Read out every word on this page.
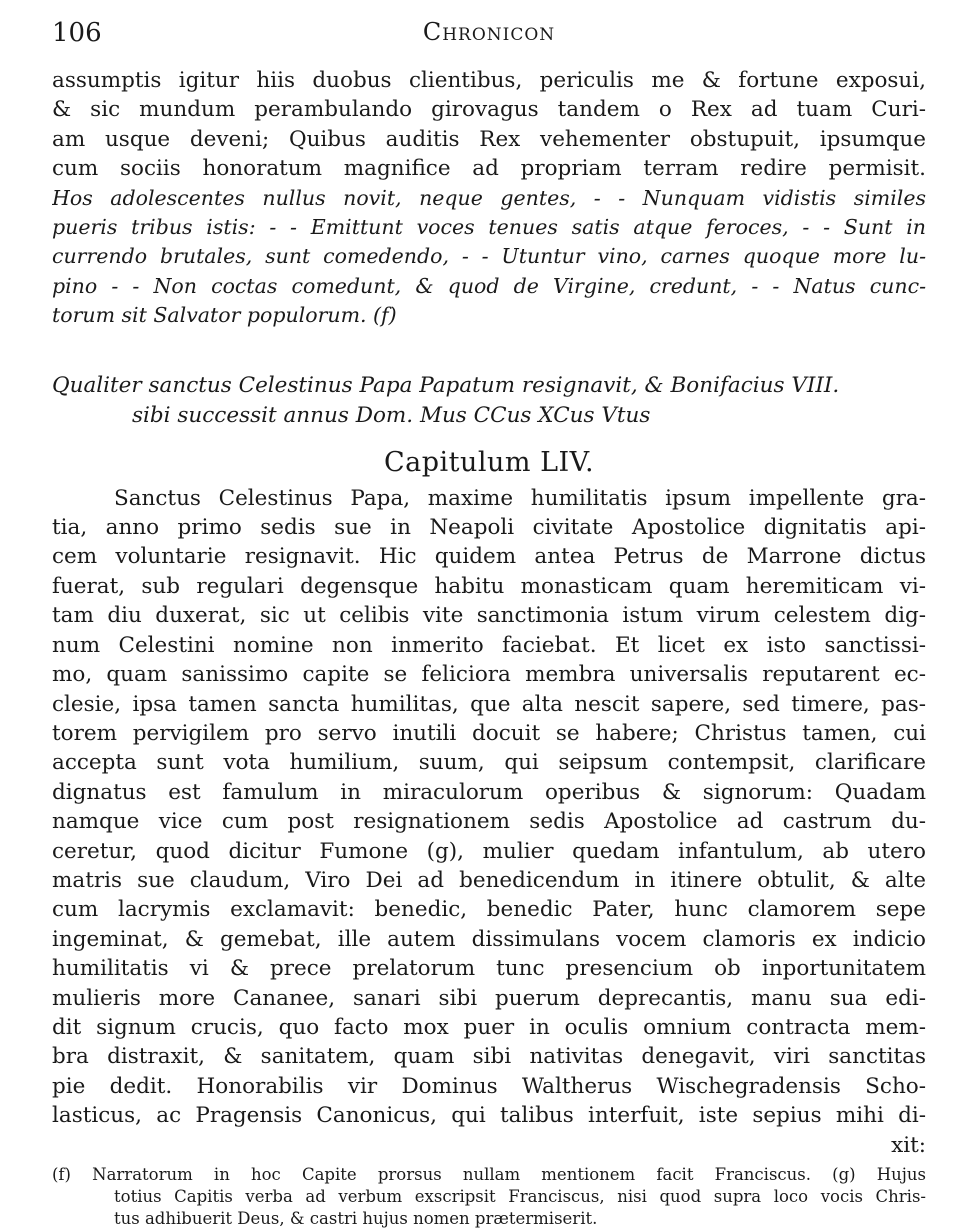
106	Chronicon
assumptis igitur hiis duobus clientibus, periculis me & fortune exposui,
& sic mundum perambulando girovagus tandem o Rex ad tuam Curi-
am usque deveni; Quibus auditis Rex vehementer obstupuit, ipsumque
cum sociis honoratum magnifice ad propriam terram redire permisit.
Hos adolescentes nullus novit, neque gentes, - - Nunquam vidistis similes
pueris tribus istis: - - Emittunt voces tenues satis atque feroces, - - Sunt in
currendo brutales, sunt comedendo, - - Utuntur vino, carnes quoque more lu-
pino - - Non coctas comedunt, & quod de Virgine, credunt, - - Natus cunc-
torum sit Salvator populorum. (f)
Qualiter sanctus Celestinus Papa Papatum resignavit, & Bonifacius VIII.
sibi successit annus Dom. Mus CCus XCus Vtus
Capitulum LIV.
Sanctus Celestinus Papa, maxime humilitatis ipsum impellente gra-
tia, anno primo sedis sue in Neapoli civitate Apostolice dignitatis api-
cem voluntarie resignavit. Hic quidem antea Petrus de Marrone dictus
fuerat, sub regulari degensque habitu monasticam quam heremiticam vi-
tam diu duxerat, sic ut celibis vite sanctimonia istum virum celestem dig-
num Celestini nomine non inmerito faciebat. Et licet ex isto sanctissi-
mo, quam sanissimo capite se feliciora membra universalis reputarent ec-
clesie, ipsa tamen sancta humilitas, que alta nescit sapere, sed timere, pas-
torem pervigilem pro servo inutili docuit se habere; Christus tamen, cui
accepta sunt vota humilium, suum, qui seipsum contempsit, clarificare
dignatus est famulum in miraculorum operibus & signorum: Quadam
namque vice cum post resignationem sedis Apostolice ad castrum du-
ceretur, quod dicitur Fumone (g), mulier quedam infantulum, ab utero
matris sue claudum, Viro Dei ad benedicendum in itinere obtulit, & alte
cum lacrymis exclamavit: benedic, benedic Pater, hunc clamorem sepe
ingeminat, & gemebat, ille autem dissimulans vocem clamoris ex indicio
humilitatis vi & prece prelatorum tunc presencium ob inportunitatem
mulieris more Cananee, sanari sibi puerum deprecantis, manu sua edi-
dit signum crucis, quo facto mox puer in oculis omnium contracta mem-
bra distraxit, & sanitatem, quam sibi nativitas denegavit, viri sanctitas
pie dedit. Honorabilis vir Dominus Waltherus Wischegradensis Scho-
lasticus, ac Pragensis Canonicus, qui talibus interfuit, iste sepius mihi di-
xit:
(f) Narratorum in hoc Capite prorsus nullam mentionem facit Franciscus. (g) Hujus
totius Capitis verba ad verbum exscripsit Franciscus, nisi quod supra loco vocis Chris-
tus adhibuerit Deus, & castri hujus nomen prætermiserit.
